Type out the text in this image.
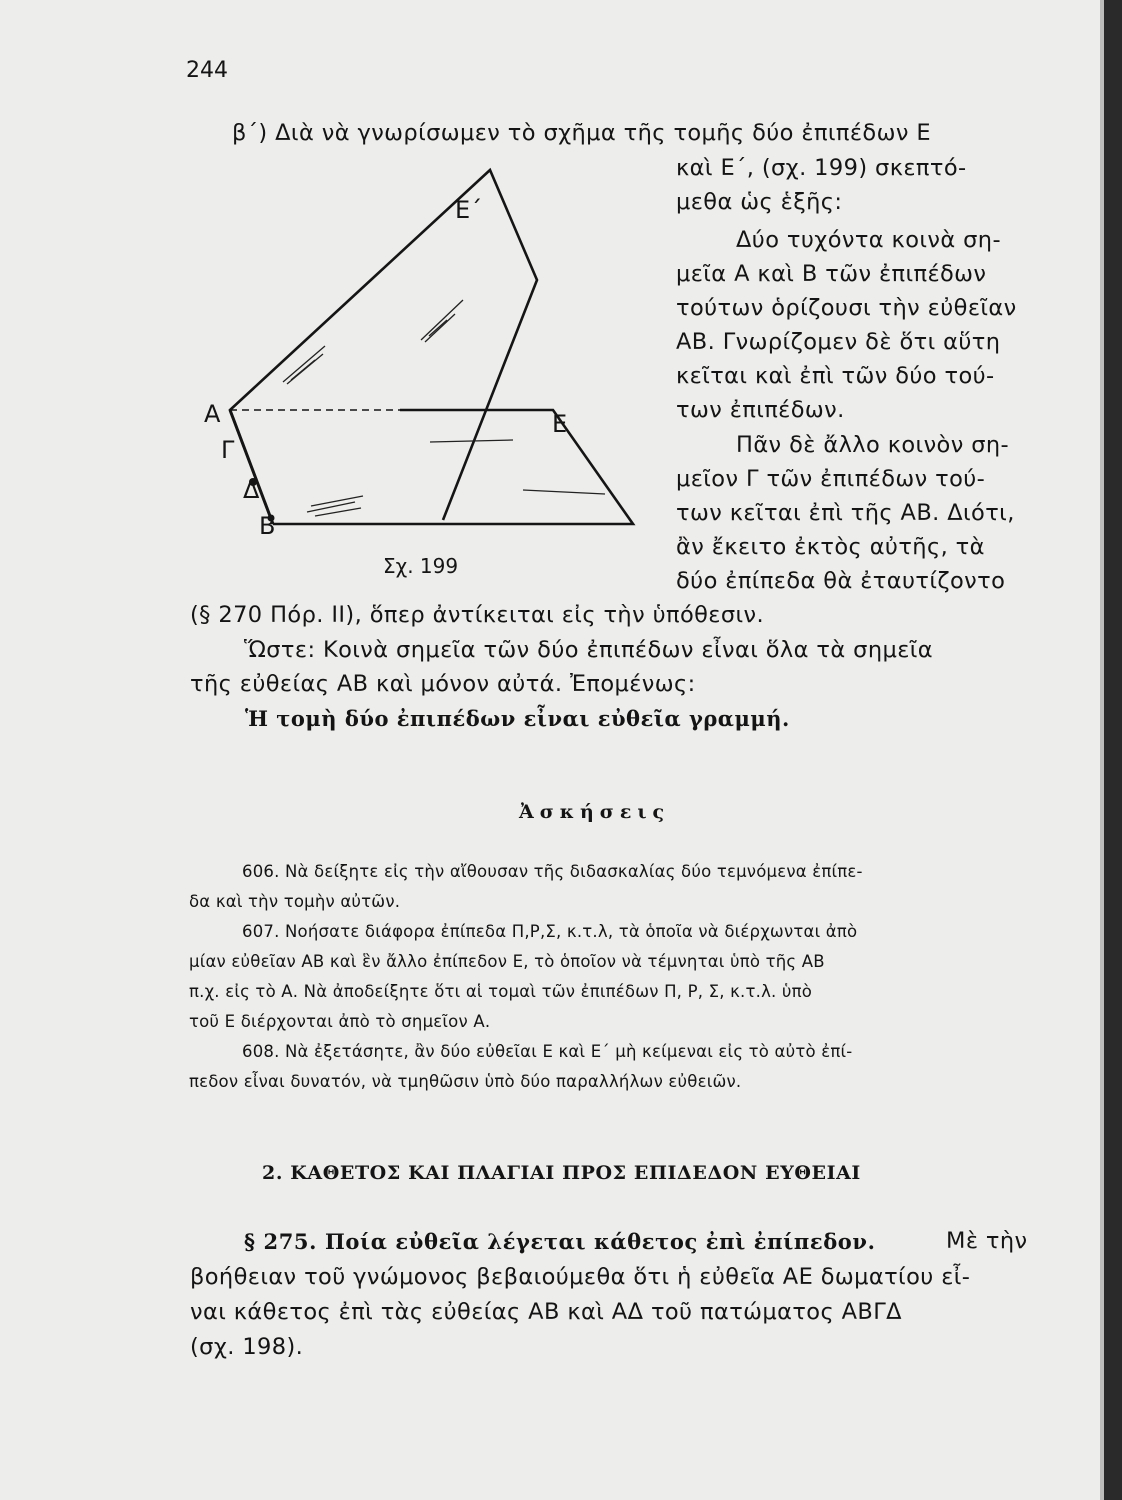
244
β΄) Διὰ νὰ γνωρίσωμεν τὸ σχῆμα τῆς τομῆς δύο ἐπιπέδων Ε
καὶ Ε΄, (σχ. 199) σκεπτό-
μεθα ὡς ἑξῆς:
Ε΄
Ε
Α
Γ
Δ
Β
Σχ. 199
Δύο τυχόντα κοινὰ ση-
μεῖα Α καὶ Β τῶν ἐπιπέδων
τούτων ὁρίζουσι τὴν εὐθεῖαν
ΑΒ. Γνωρίζομεν δὲ ὅτι αὕτη
κεῖται καὶ ἐπὶ τῶν δύο τού-
των ἐπιπέδων.
Πᾶν δὲ ἄλλο κοινὸν ση-
μεῖον Γ τῶν ἐπιπέδων τού-
των κεῖται ἐπὶ τῆς ΑΒ. Διότι,
ἂν ἔκειτο ἐκτὸς αὐτῆς, τὰ
δύο ἐπίπεδα θὰ ἐταυτίζοντο
(§ 270 Πόρ. ΙΙ), ὅπερ ἀντίκειται εἰς τὴν ὑπόθεσιν.
Ὥστε: Κοινὰ σημεῖα τῶν δύο ἐπιπέδων εἶναι ὅλα τὰ σημεῖα
τῆς εὐθείας ΑΒ καὶ μόνον αὐτά. Ἐπομένως:
Ἡ τομὴ δύο ἐπιπέδων εἶναι εὐθεῖα γραμμή.
Ἀσκήσεις
606. Νὰ δείξητε εἰς τὴν αἴθουσαν τῆς διδασκαλίας δύο τεμνόμενα ἐπίπε-
δα καὶ τὴν τομὴν αὐτῶν.
607. Νοήσατε διάφορα ἐπίπεδα Π,Ρ,Σ, κ.τ.λ, τὰ ὁποῖα νὰ διέρχωνται ἀπὸ
μίαν εὐθεῖαν ΑΒ καὶ ἓν ἄλλο ἐπίπεδον Ε, τὸ ὁποῖον νὰ τέμνηται ὑπὸ τῆς ΑΒ
π.χ. εἰς τὸ Α. Νὰ ἀποδείξητε ὅτι αἱ τομαὶ τῶν ἐπιπέδων Π, Ρ, Σ, κ.τ.λ. ὑπὸ
τοῦ Ε διέρχονται ἀπὸ τὸ σημεῖον Α.
608. Νὰ ἐξετάσητε, ἂν δύο εὐθεῖαι Ε καὶ Ε΄ μὴ κείμεναι εἰς τὸ αὐτὸ ἐπί-
πεδον εἶναι δυνατόν, νὰ τμηθῶσιν ὑπὸ δύο παραλλήλων εὐθειῶν.
2. ΚΑΘΕΤΟΣ ΚΑΙ ΠΛΑΓΙΑΙ ΠΡΟΣ ΕΠΙΔΕΔΟΝ ΕΥΘΕΙΑΙ
§ 275. Ποία εὐθεῖα λέγεται κάθετος ἐπὶ ἐπίπεδον.	Μὲ τὴν
βοήθειαν τοῦ γνώμονος βεβαιούμεθα ὅτι ἡ εὐθεῖα ΑΕ δωματίου εἶ-
ναι κάθετος ἐπὶ τὰς εὐθείας ΑΒ καὶ ΑΔ τοῦ πατώματος ΑΒΓΔ
(σχ. 198).
